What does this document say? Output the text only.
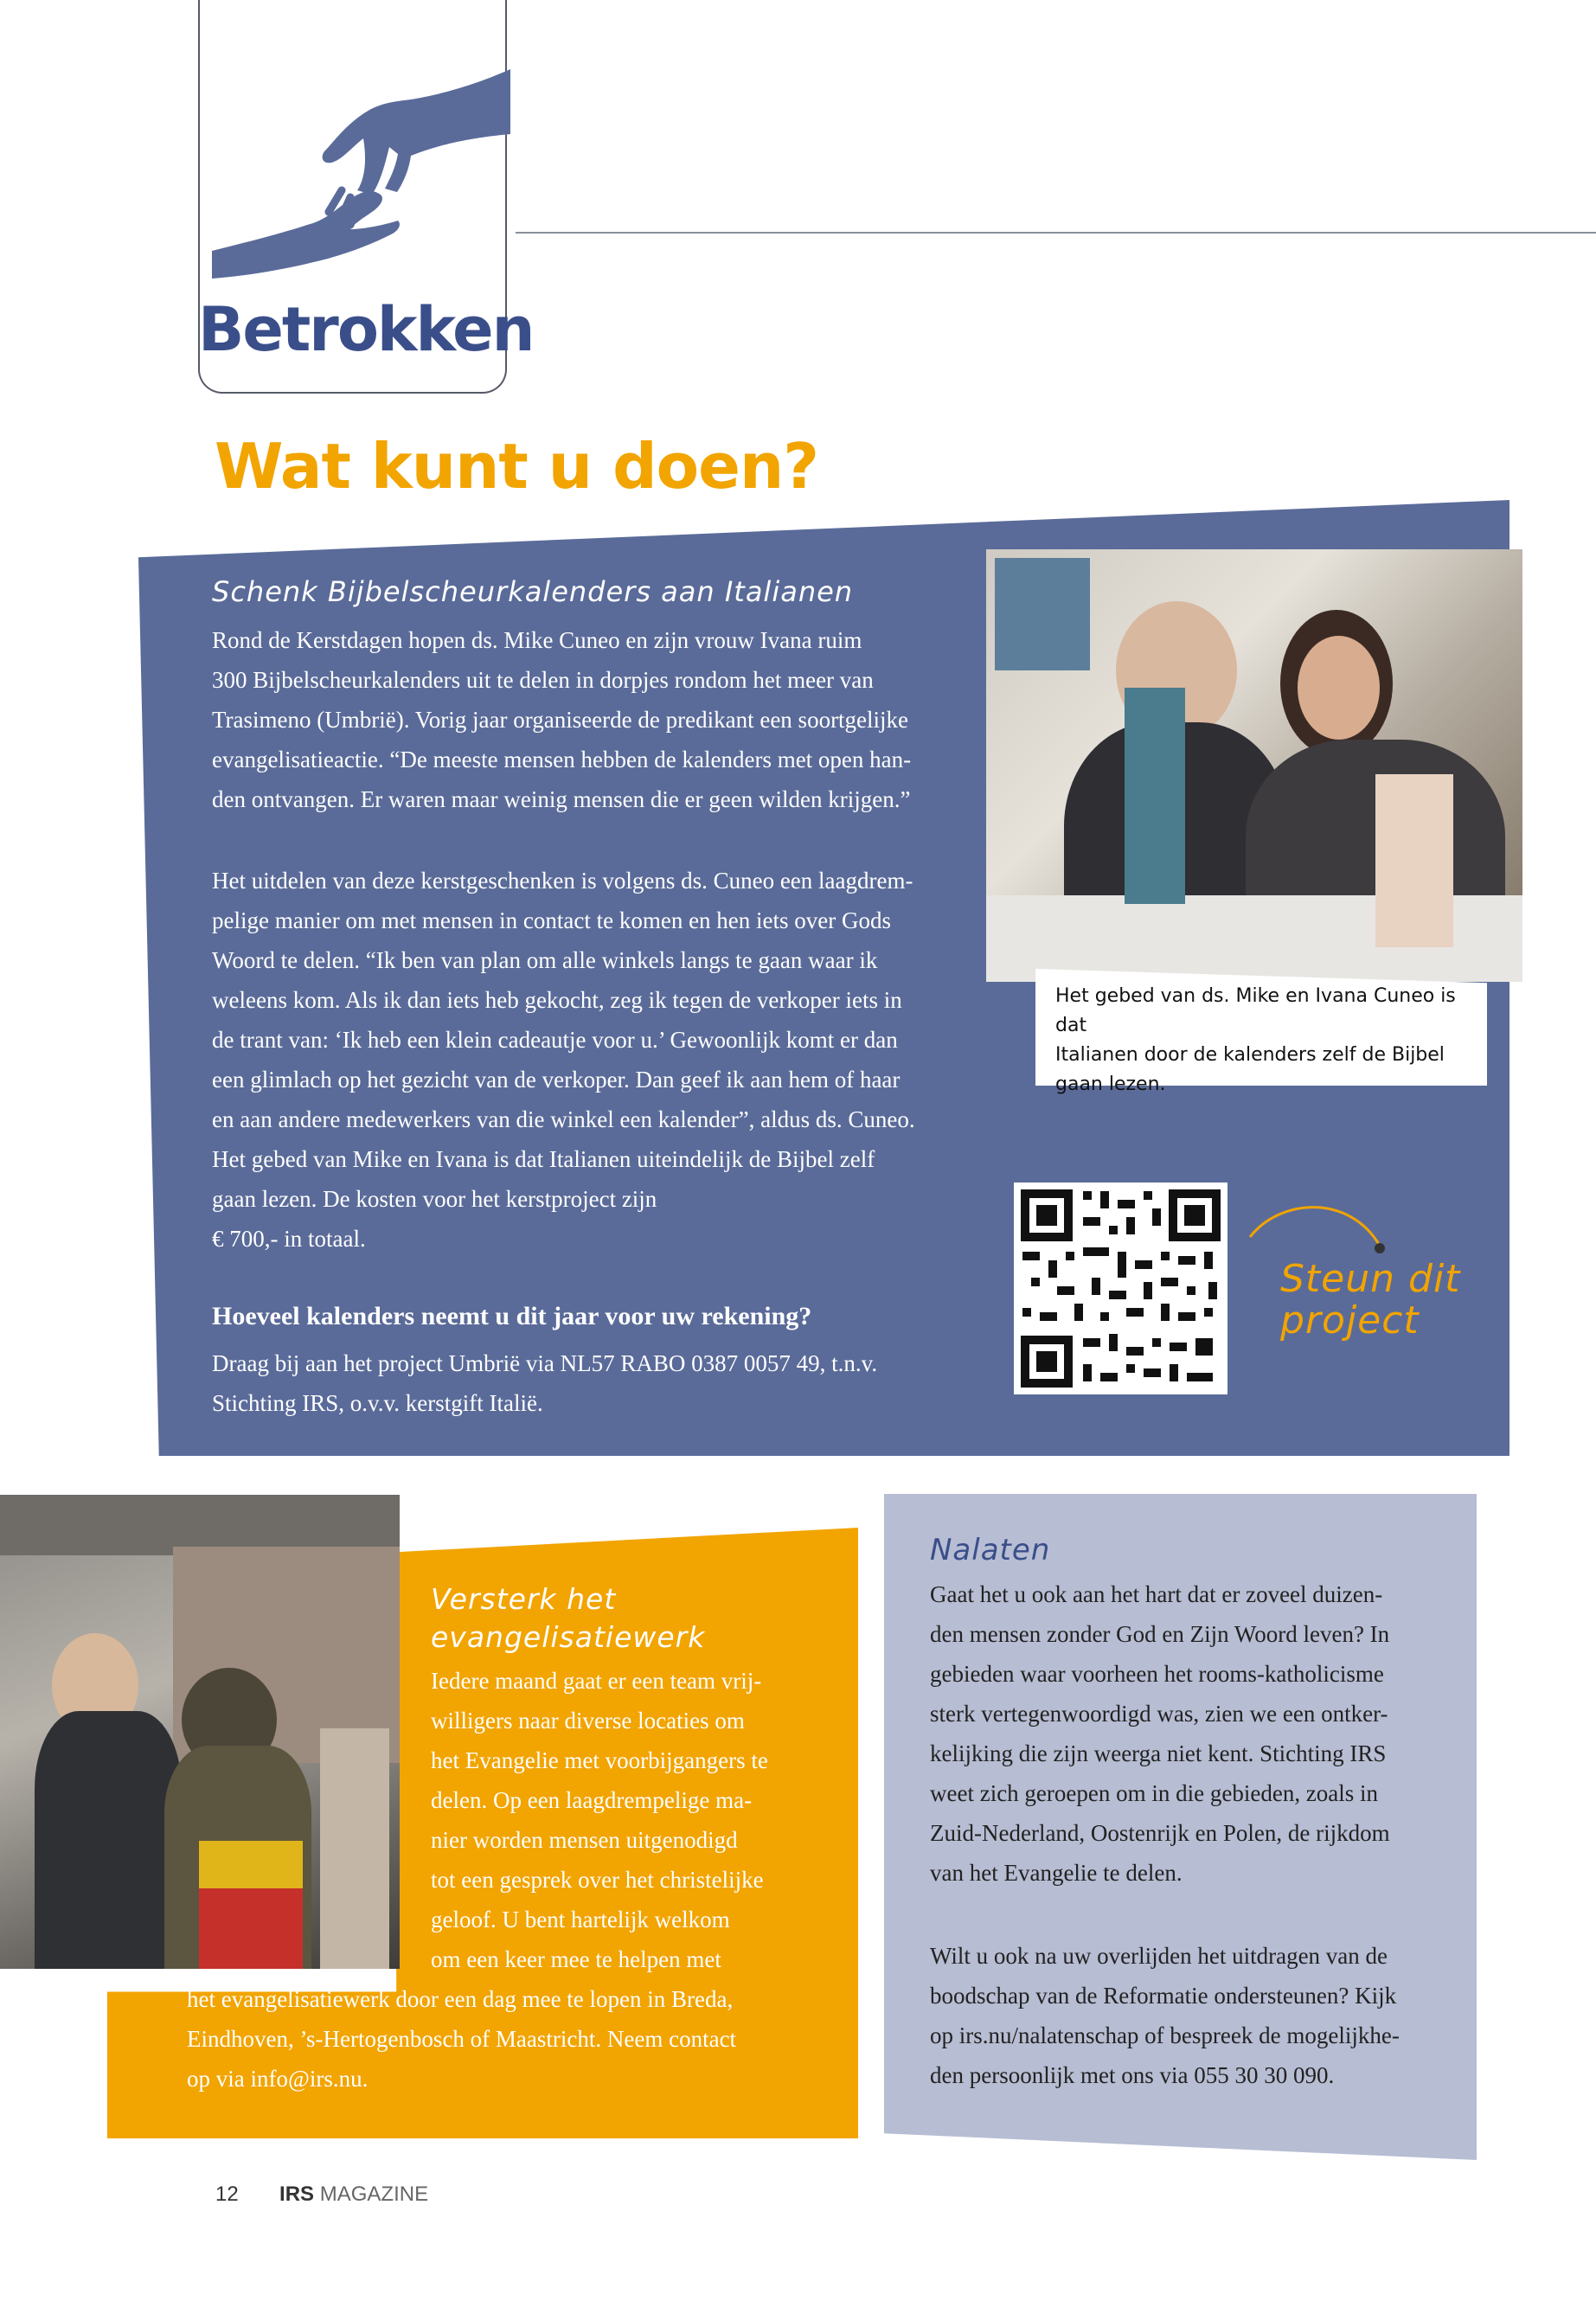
Betrokken
Wat kunt u doen?
Het gebed van ds. Mike en Ivana Cuneo is dat
Italianen door de kalenders zelf de Bijbel
gaan lezen.
Schenk Bijbelscheurkalenders aan Italianen
Rond de Kerstdagen hopen ds. Mike Cuneo en zijn vrouw Ivana ruim
300 Bijbelscheurkalenders uit te delen in dorpjes rondom het meer van
Trasimeno (Umbrië). Vorig jaar organiseerde de predikant een soortgelijke
evangelisatieactie. “De meeste mensen hebben de kalenders met open han-
den ontvangen. Er waren maar weinig mensen die er geen wilden krijgen.”
Het uitdelen van deze kerstgeschenken is volgens ds. Cuneo een laagdrem-
pelige manier om met mensen in contact te komen en hen iets over Gods
Woord te delen. “Ik ben van plan om alle winkels langs te gaan waar ik
weleens kom. Als ik dan iets heb gekocht, zeg ik tegen de verkoper iets in
de trant van: ‘Ik heb een klein cadeautje voor u.’ Gewoonlijk komt er dan
een glimlach op het gezicht van de verkoper. Dan geef ik aan hem of haar
en aan andere medewerkers van die winkel een kalender”, aldus ds. Cuneo.
Het gebed van Mike en Ivana is dat Italianen uiteindelijk de Bijbel zelf
gaan lezen. De kosten voor het kerstproject zijn
€ 700,- in totaal.
Hoeveel kalenders neemt u dit jaar voor uw rekening?
Draag bij aan het project Umbrië via NL57 RABO 0387 0057 49, t.n.v.
Stichting IRS, o.v.v. kerstgift Italië.
Steun dit
project
Versterk het
evangelisatiewerk
Iedere maand gaat er een team vrij-
willigers naar diverse locaties om
het Evangelie met voorbijgangers te
delen. Op een laagdrempelige ma-
nier worden mensen uitgenodigd
tot een gesprek over het christelijke
geloof. U bent hartelijk welkom
om een keer mee te helpen met
het evangelisatiewerk door een dag mee te lopen in Breda,
Eindhoven, ’s-Hertogenbosch of Maastricht. Neem contact
op via info@irs.nu.
Nalaten
Gaat het u ook aan het hart dat er zoveel duizen-
den mensen zonder God en Zijn Woord leven? In
gebieden waar voorheen het rooms-katholicisme
sterk vertegenwoordigd was, zien we een ontker-
kelijking die zijn weerga niet kent. Stichting IRS
weet zich geroepen om in die gebieden, zoals in
Zuid-Nederland, Oostenrijk en Polen, de rijkdom
van het Evangelie te delen.
Wilt u ook na uw overlijden het uitdragen van de
boodschap van de Reformatie ondersteunen? Kijk
op irs.nu/nalatenschap of bespreek de mogelijkhe-
den persoonlijk met ons via 055 30 30 090.
12 IRS MAGAZINE
